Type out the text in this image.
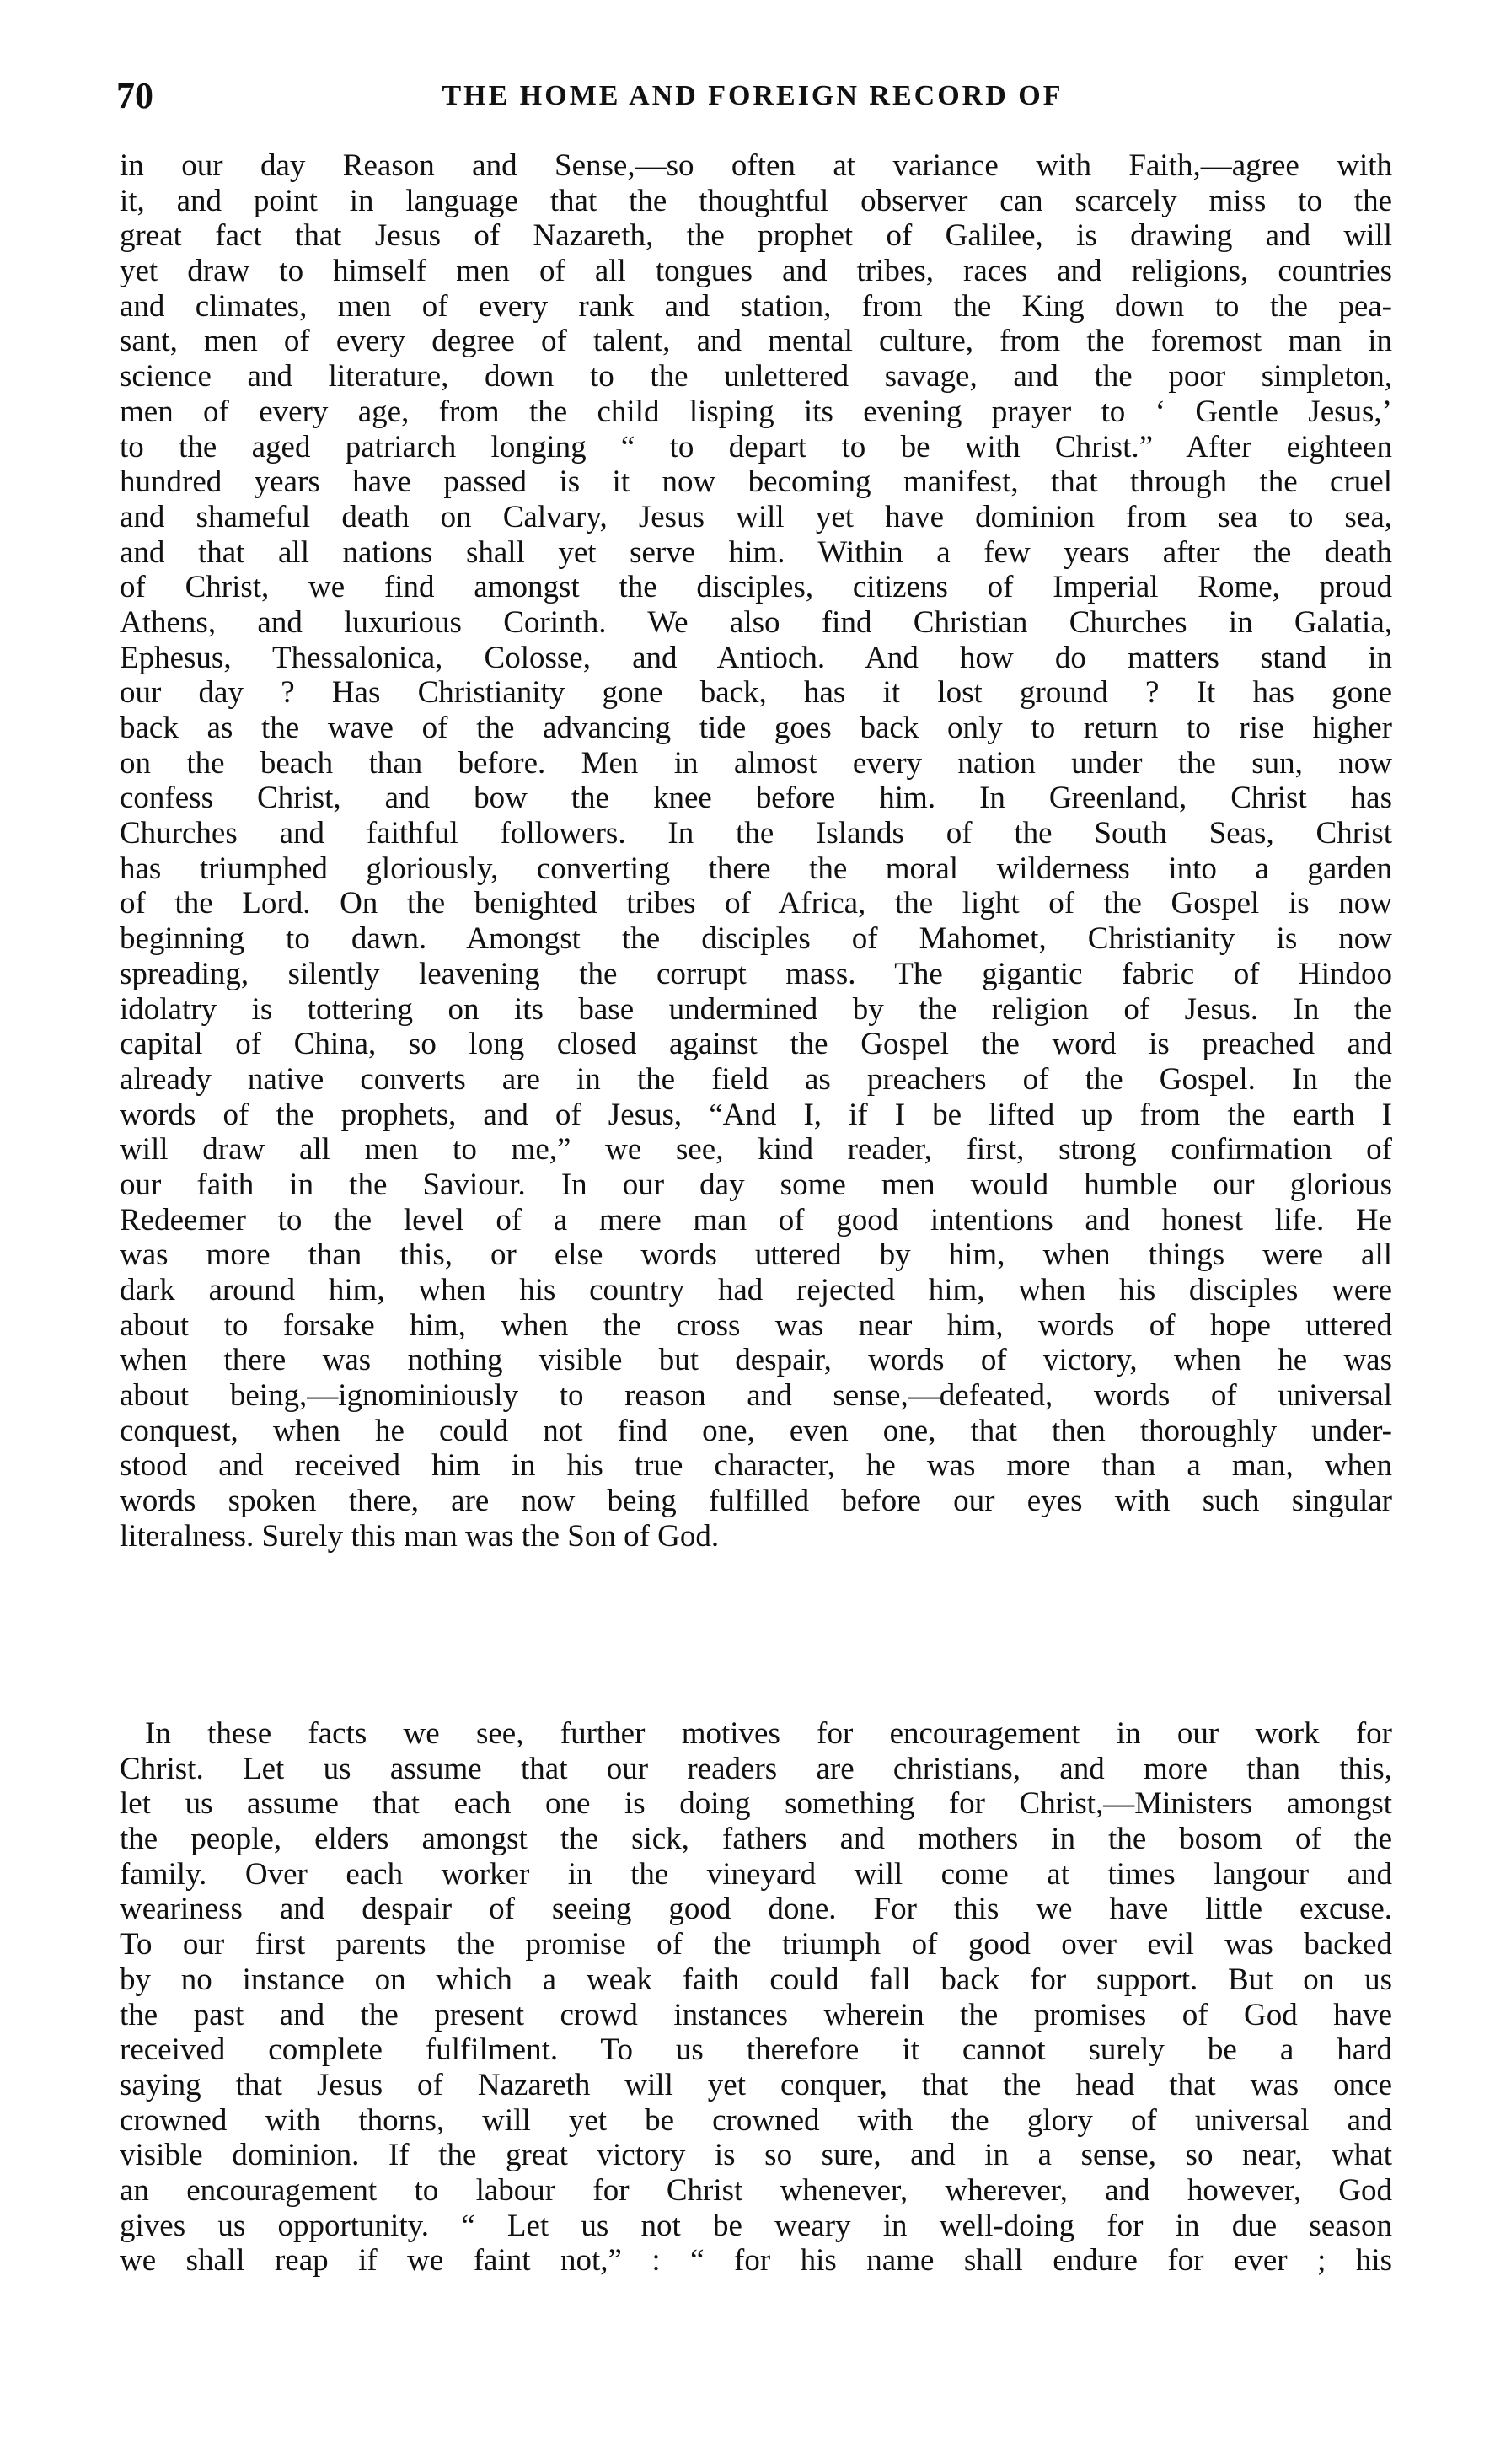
70	THE HOME AND FOREIGN RECORD OF
in our day Reason and Sense,—so often at variance with Faith,—agree with
it, and point in language that the thoughtful observer can scarcely miss to the
great fact that Jesus of Nazareth, the prophet of Galilee, is drawing and will
yet draw to himself men of all tongues and tribes, races and religions, countries
and climates, men of every rank and station, from the King down to the pea-
sant, men of every degree of talent, and mental culture, from the foremost man in
science and literature, down to the unlettered savage, and the poor simpleton,
men of every age, from the child lisping its evening prayer to ‘ Gentle Jesus,’
to the aged patriarch longing “ to depart to be with Christ.” After eighteen
hundred years have passed is it now becoming manifest, that through the cruel
and shameful death on Calvary, Jesus will yet have dominion from sea to sea,
and that all nations shall yet serve him. Within a few years after the death
of Christ, we find amongst the disciples, citizens of Imperial Rome, proud
Athens, and luxurious Corinth. We also find Christian Churches in Galatia,
Ephesus, Thessalonica, Colosse, and Antioch. And how do matters stand in
our day ? Has Christianity gone back, has it lost ground ? It has gone
back as the wave of the advancing tide goes back only to return to rise higher
on the beach than before. Men in almost every nation under the sun, now
confess Christ, and bow the knee before him. In Greenland, Christ has
Churches and faithful followers. In the Islands of the South Seas, Christ
has triumphed gloriously, converting there the moral wilderness into a garden
of the Lord. On the benighted tribes of Africa, the light of the Gospel is now
beginning to dawn. Amongst the disciples of Mahomet, Christianity is now
spreading, silently leavening the corrupt mass. The gigantic fabric of Hindoo
idolatry is tottering on its base undermined by the religion of Jesus. In the
capital of China, so long closed against the Gospel the word is preached and
already native converts are in the field as preachers of the Gospel. In the
words of the prophets, and of Jesus, “And I, if I be lifted up from the earth I
will draw all men to me,” we see, kind reader, first, strong confirmation of
our faith in the Saviour. In our day some men would humble our glorious
Redeemer to the level of a mere man of good intentions and honest life. He
was more than this, or else words uttered by him, when things were all
dark around him, when his country had rejected him, when his disciples were
about to forsake him, when the cross was near him, words of hope uttered
when there was nothing visible but despair, words of victory, when he was
about being,—ignominiously to reason and sense,—defeated, words of universal
conquest, when he could not find one, even one, that then thoroughly under-
stood and received him in his true character, he was more than a man, when
words spoken there, are now being fulfilled before our eyes with such singular
literalness. Surely this man was the Son of God.
In these facts we see, further motives for encouragement in our work for
Christ. Let us assume that our readers are christians, and more than this,
let us assume that each one is doing something for Christ,—Ministers amongst
the people, elders amongst the sick, fathers and mothers in the bosom of the
family. Over each worker in the vineyard will come at times langour and
weariness and despair of seeing good done. For this we have little excuse.
To our first parents the promise of the triumph of good over evil was backed
by no instance on which a weak faith could fall back for support. But on us
the past and the present crowd instances wherein the promises of God have
received complete fulfilment. To us therefore it cannot surely be a hard
saying that Jesus of Nazareth will yet conquer, that the head that was once
crowned with thorns, will yet be crowned with the glory of universal and
visible dominion. If the great victory is so sure, and in a sense, so near, what
an encouragement to labour for Christ whenever, wherever, and however, God
gives us opportunity. “ Let us not be weary in well-doing for in due season
we shall reap if we faint not,” : “ for his name shall endure for ever ; his
